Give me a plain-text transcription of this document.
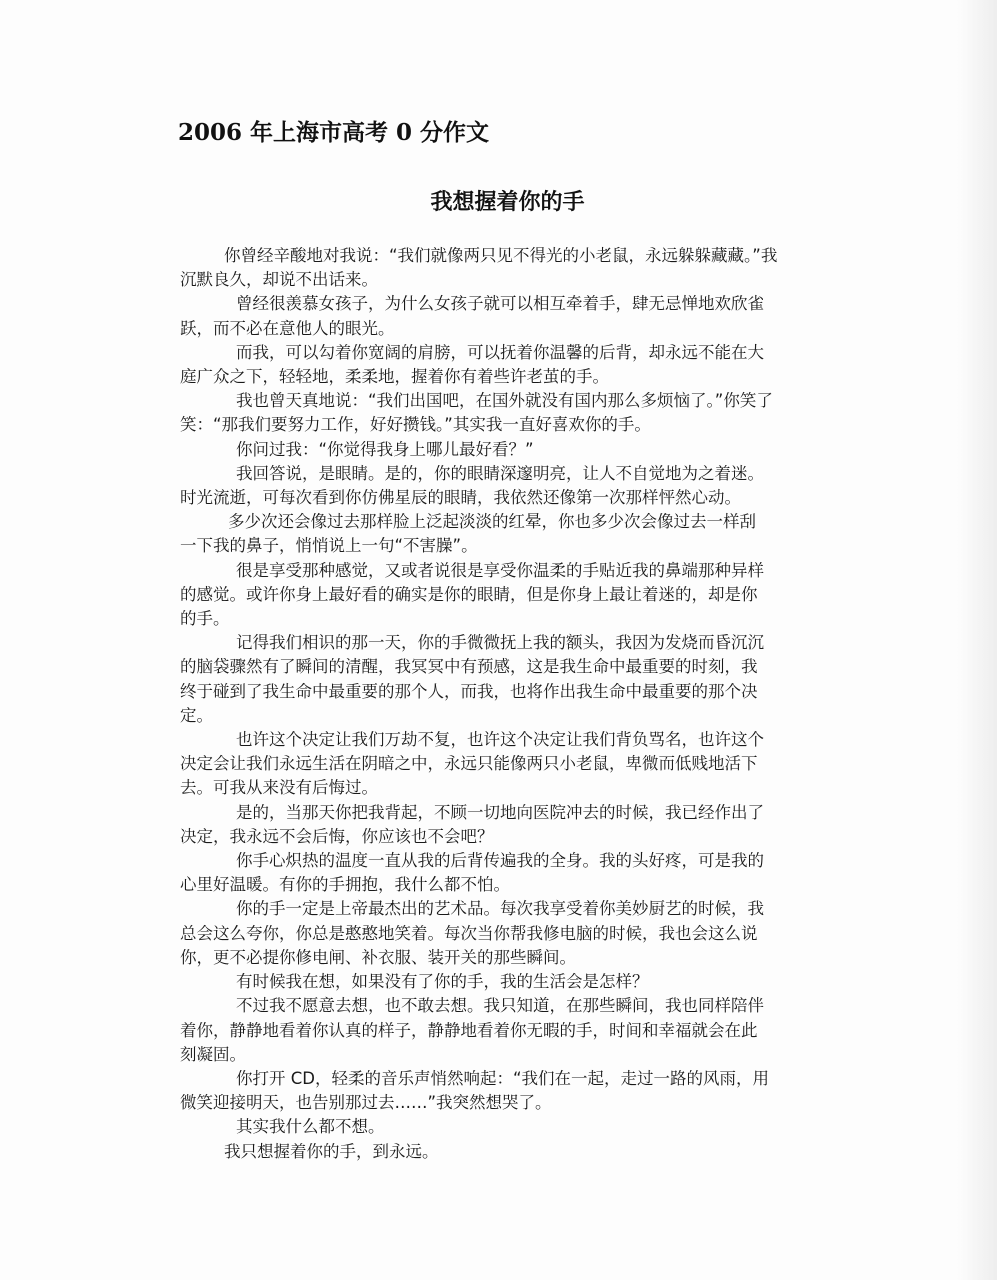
2006 年上海市高考 0 分作文
我想握着你的手

你曾经辛酸地对我说：“我们就像两只见不得光的小老鼠，永远躲躲藏藏。”我
沉默良久，却说不出话来。

曾经很羡慕女孩子，为什么女孩子就可以相互牵着手，肆无忌惮地欢欣雀
跃，而不必在意他人的眼光。

而我，可以勾着你宽阔的肩膀，可以抚着你温馨的后背，却永远不能在大
庭广众之下，轻轻地，柔柔地，握着你有着些许老茧的手。

我也曾天真地说：“我们出国吧，在国外就没有国内那么多烦恼了。”你笑了
笑：“那我们要努力工作，好好攒钱。”其实我一直好喜欢你的手。

你问过我：“你觉得我身上哪儿最好看？”

我回答说，是眼睛。是的，你的眼睛深邃明亮，让人不自觉地为之着迷。
时光流逝，可每次看到你仿佛星辰的眼睛，我依然还像第一次那样怦然心动。

多少次还会像过去那样脸上泛起淡淡的红晕，你也多少次会像过去一样刮
一下我的鼻子，悄悄说上一句“不害臊”。

很是享受那种感觉，又或者说很是享受你温柔的手贴近我的鼻端那种异样
的感觉。或许你身上最好看的确实是你的眼睛，但是你身上最让着迷的，却是你
的手。

记得我们相识的那一天，你的手微微抚上我的额头，我因为发烧而昏沉沉
的脑袋骤然有了瞬间的清醒，我冥冥中有预感，这是我生命中最重要的时刻，我
终于碰到了我生命中最重要的那个人，而我，也将作出我生命中最重要的那个决
定。

也许这个决定让我们万劫不复，也许这个决定让我们背负骂名，也许这个
决定会让我们永远生活在阴暗之中，永远只能像两只小老鼠，卑微而低贱地活下
去。可我从来没有后悔过。

是的，当那天你把我背起，不顾一切地向医院冲去的时候，我已经作出了
决定，我永远不会后悔，你应该也不会吧？

你手心炽热的温度一直从我的后背传遍我的全身。我的头好疼，可是我的
心里好温暖。有你的手拥抱，我什么都不怕。

你的手一定是上帝最杰出的艺术品。每次我享受着你美妙厨艺的时候，我
总会这么夸你，你总是憨憨地笑着。每次当你帮我修电脑的时候，我也会这么说
你，更不必提你修电闸、补衣服、装开关的那些瞬间。

有时候我在想，如果没有了你的手，我的生活会是怎样？

不过我不愿意去想，也不敢去想。我只知道，在那些瞬间，我也同样陪伴
着你，静静地看着你认真的样子，静静地看着你无暇的手，时间和幸福就会在此
刻凝固。

你打开 CD，轻柔的音乐声悄然响起：“我们在一起，走过一路的风雨，用
微笑迎接明天，也告别那过去……”我突然想哭了。

其实我什么都不想。

我只想握着你的手，到永远。
